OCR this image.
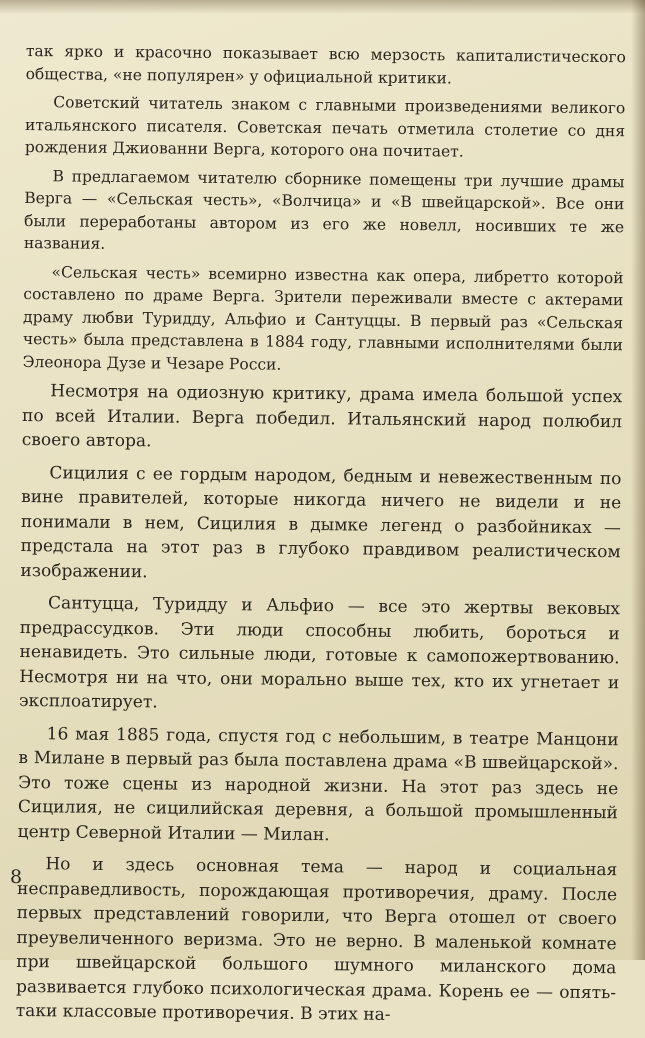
так ярко и красочно показывает всю мерзость капиталистического общества, «не популярен» у официальной критики.

Советский читатель знаком с главными произведениями великого итальянского писателя. Советская печать отметила столетие со дня рождения Джиованни Верга, которого она почитает.

В предлагаемом читателю сборнике помещены три лучшие драмы Верга — «Сельская честь», «Волчица» и «В швейцарской». Все они были переработаны автором из его же новелл, носивших те же названия.

«Сельская честь» всемирно известна как опера, либретто которой составлено по драме Верга. Зрители переживали вместе с актерами драму любви Туридду, Альфио и Сантуццы. В первый раз «Сельская честь» была представлена в 1884 году, главными исполнителями были Элеонора Дузе и Чезаре Росси.

Несмотря на одиозную критику, драма имела большой успех по всей Италии. Верга победил. Итальянский народ полюбил своего автора.

Сицилия с ее гордым народом, бедным и невежественным по вине правителей, которые никогда ничего не видели и не понимали в нем, Сицилия в дымке легенд о разбойниках — предстала на этот раз в глубоко правдивом реалистическом изображении.

Сантуцца, Туридду и Альфио — все это жертвы вековых предрассудков. Эти люди способны любить, бороться и ненавидеть. Это сильные люди, готовые к самопожертвованию. Несмотря ни на что, они морально выше тех, кто их угнетает и эксплоатирует.

16 мая 1885 года, спустя год с небольшим, в театре Манцони в Милане в первый раз была поставлена драма «В швейцарской». Это тоже сцены из народной жизни. На этот раз здесь не Сицилия, не сицилийская деревня, а большой промышленный центр Северной Италии — Милан.

Но и здесь основная тема — народ и социальная несправедливость, порождающая противоречия, драму. После первых представлений говорили, что Верга отошел от своего преувеличенного веризма. Это не верно. В маленькой комнате при швейцарской большого шумного миланского дома развивается глубоко психологическая драма. Корень ее — опять-таки классовые противоречия. В этих на-

8
